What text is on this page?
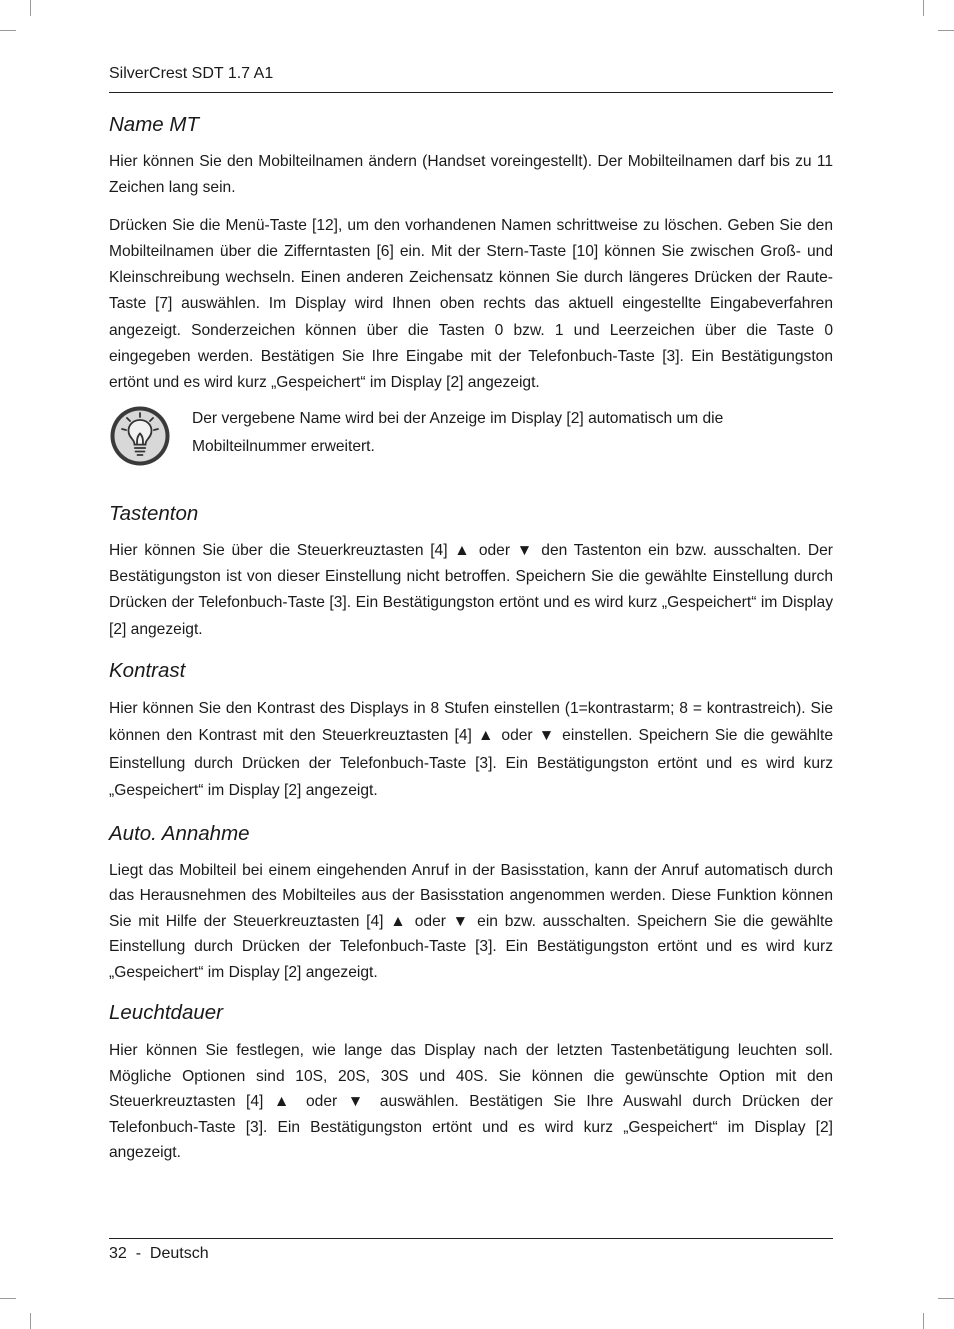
SilverCrest SDT 1.7 A1
Name MT

Hier können Sie den Mobilteilnamen ändern (Handset voreingestellt). Der Mobilteilnamen darf bis zu 11 Zeichen lang sein.

Drücken Sie die Menü-Taste [12], um den vorhandenen Namen schrittweise zu löschen. Geben Sie den Mobilteilnamen über die Zifferntasten [6] ein. Mit der Stern-Taste [10] können Sie zwischen Groß- und Kleinschreibung wechseln. Einen anderen Zeichensatz können Sie durch längeres Drücken der Raute-Taste [7] auswählen. Im Display wird Ihnen oben rechts das aktuell eingestellte Eingabeverfahren angezeigt. Sonderzeichen können über die Tasten 0 bzw. 1 und Leerzeichen über die Taste 0 eingegeben werden. Bestätigen Sie Ihre Eingabe mit der Telefonbuch-Taste [3]. Ein Bestätigungston ertönt und es wird kurz „Gespeichert“ im Display [2] angezeigt.

Der vergebene Name wird bei der Anzeige im Display [2] automatisch um die Mobilteilnummer erweitert.

Tastenton

Hier können Sie über die Steuerkreuztasten [4] ▲ oder ▼ den Tastenton ein bzw. ausschalten. Der Bestätigungston ist von dieser Einstellung nicht betroffen. Speichern Sie die gewählte Einstellung durch Drücken der Telefonbuch-Taste [3]. Ein Bestätigungston ertönt und es wird kurz „Gespeichert“ im Display [2] angezeigt.

Kontrast

Hier können Sie den Kontrast des Displays in 8 Stufen einstellen (1=kontrastarm; 8 = kontrastreich). Sie können den Kontrast mit den Steuerkreuztasten [4] ▲ oder ▼ einstellen. Speichern Sie die gewählte Einstellung durch Drücken der Telefonbuch-Taste [3]. Ein Bestätigungston ertönt und es wird kurz „Gespeichert“ im Display [2] angezeigt.

Auto. Annahme

Liegt das Mobilteil bei einem eingehenden Anruf in der Basisstation, kann der Anruf automatisch durch das Herausnehmen des Mobilteiles aus der Basisstation angenommen werden. Diese Funktion können Sie mit Hilfe der Steuerkreuztasten [4] ▲ oder ▼ ein bzw. ausschalten. Speichern Sie die gewählte Einstellung durch Drücken der Telefonbuch-Taste [3]. Ein Bestätigungston ertönt und es wird kurz „Gespeichert“ im Display [2] angezeigt.

Leuchtdauer

Hier können Sie festlegen, wie lange das Display nach der letzten Tastenbetätigung leuchten soll. Mögliche Optionen sind 10S, 20S, 30S und 40S. Sie können die gewünschte Option mit den Steuerkreuztasten [4] ▲ oder ▼ auswählen. Bestätigen Sie Ihre Auswahl durch Drücken der Telefonbuch-Taste [3]. Ein Bestätigungston ertönt und es wird kurz „Gespeichert“ im Display [2] angezeigt.

32  -  Deutsch
